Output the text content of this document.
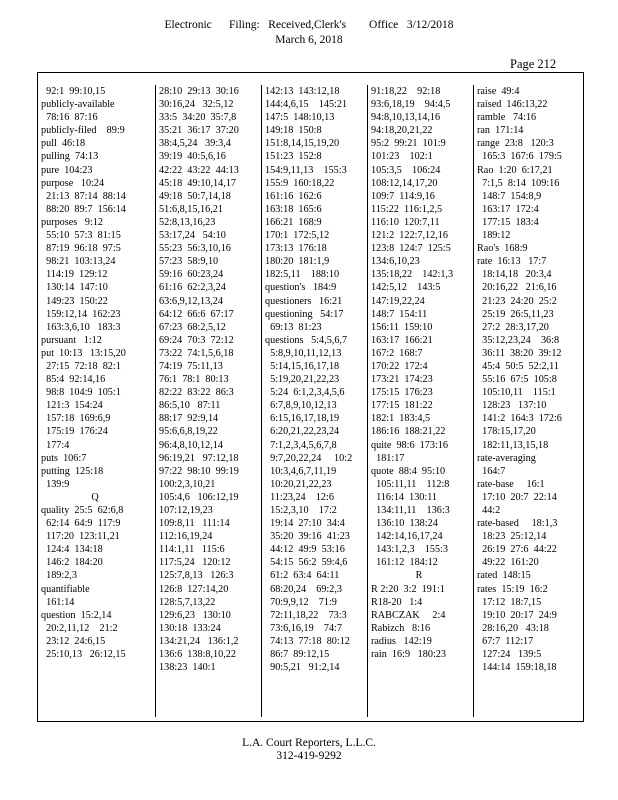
Electronic      Filing:   Received,Clerk's        Office   3/12/2018
March 6, 2018
Page 212
92:1  99:10,15
publicly-available
78:16  87:16
publicly-filed    89:9
pull  46:18
pulling  74:13
pure  104:23
purpose   10:24
21:13  87:14  88:14
88:20  89:7  156:14
purposes   9:12
55:10  57:3  81:15
87:19  96:18  97:5
98:21  103:13,24
114:19  129:12
130:14  147:10
149:23  150:22
159:12,14  162:23
163:3,6,10   183:3
pursuant   1:12
put  10:13   13:15,20
27:15  72:18  82:1
85:4  92:14,16
98:8  104:9  105:1
121:3  154:24
157:18  169:6,9
175:19  176:24
177:4
puts  106:7
putting  125:18
139:9
Q
quality  25:5  62:6,8
62:14  64:9  117:9
117:20  123:11,21
124:4  134:18
146:2  184:20
189:2,3
quantifiable
161:14
question  15:2,14
20:2,11,12    21:2
23:12  24:6,15
25:10,13   26:12,15
28:10  29:13  30:16
30:16,24   32:5,12
33:5  34:20  35:7,8
35:21  36:17  37:20
38:4,5,24   39:3,4
39:19  40:5,6,16
42:22  43:22  44:13
45:18  49:10,14,17
49:18  50:7,14,18
51:6,8,15,16,21
52:8,13,16,23
53:17,24   54:10
55:23  56:3,10,16
57:23  58:9,10
59:16  60:23,24
61:16  62:2,3,24
63:6,9,12,13,24
64:12  66:6  67:17
67:23  68:2,5,12
69:24  70:3  72:12
73:22  74:1,5,6,18
74:19  75:11,13
76:1  78:1  80:13
82:22  83:22  86:3
86:5,10   87:11
88:17  92:9,14
95:6,6,8,19,22
96:4,8,10,12,14
96:19,21   97:12,18
97:22  98:10  99:19
100:2,3,10,21
105:4,6   106:12,19
107:12,19,23
109:8,11   111:14
112:16,19,24
114:1,11   115:6
117:5,24   120:12
125:7,8,13   126:3
126:8  127:14,20
128:5,7,13,22
129:6,23   130:10
130:18  133:24
134:21,24   136:1,2
136:6  138:8,10,22
138:23  140:1
142:13  143:12,18
144:4,6,15    145:21
147:5  148:10,13
149:18  150:8
151:8,14,15,19,20
151:23  152:8
154:9,11,13    155:3
155:9  160:18,22
161:16  162:6
163:18  165:6
166:21  168:9
170:1  172:5,12
173:13  176:18
180:20  181:1,9
182:5,11    188:10
question's   184:9
questioners   16:21
questioning   54:17
69:13  81:23
questions   5:4,5,6,7
5:8,9,10,11,12,13
5:14,15,16,17,18
5:19,20,21,22,23
5:24  6:1,2,3,4,5,6
6:7,8,9,10,12,13
6:15,16,17,18,19
6:20,21,22,23,24
7:1,2,3,4,5,6,7,8
9:7,20,22,24     10:2
10:3,4,6,7,11,19
10:20,21,22,23
11:23,24    12:6
15:2,3,10    17:2
19:14  27:10  34:4
35:20  39:16  41:23
44:12  49:9  53:16
54:15  56:2  59:4,6
61:2  63:4  64:11
68:20,24    69:2,3
70:9,9,12    71:9
72:11,18,22    73:3
73:6,16,19    74:7
74:13  77:18  80:12
86:7  89:12,15
90:5,21   91:2,14
91:18,22    92:18
93:6,18,19    94:4,5
94:8,10,13,14,16
94:18,20,21,22
95:2  99:21  101:9
101:23    102:1
105:3,5    106:24
108:12,14,17,20
109:7  114:9,16
115:22  116:1,2,5
116:10  120:7,11
121:2  122:7,12,16
123:8  124:7  125:5
134:6,10,23
135:18,22    142:1,3
142:5,12    143:5
147:19,22,24
148:7  154:11
156:11  159:10
163:17  166:21
167:2  168:7
170:22  172:4
173:21  174:23
175:15  176:23
177:15  181:22
182:1  183:4,5
186:16  188:21,22
quite  98:6  173:16
181:17
quote  88:4  95:10
105:11,11    112:8
116:14  130:11
134:11,11    136:3
136:10  138:24
142:14,16,17,24
143:1,2,3    155:3
161:12  184:12
R
R 2:20  3:2  191:1
R18-20   1:4
RABCZAK     2:4
Rabizch   8:16
radius   142:19
rain  16:9   180:23
raise  49:4
raised  146:13,22
ramble   74:16
ran  171:14
range  23:8   120:3
165:3  167:6  179:5
Rao  1:20  6:17,21
7:1,5  8:14  109:16
148:7  154:8,9
163:17  172:4
177:15  183:4
189:12
Rao's  168:9
rate  16:13   17:7
18:14,18   20:3,4
20:16,22   21:6,16
21:23  24:20  25:2
25:19  26:5,11,23
27:2  28:3,17,20
35:12,23,24    36:8
36:11  38:20  39:12
45:4  50:5  52:2,11
55:16  67:5  105:8
105:10,11    115:1
128:23   137:10
141:2  164:3  172:6
178:15,17,20
182:11,13,15,18
rate-averaging
164:7
rate-base     16:1
17:10  20:7  22:14
44:2
rate-based     18:1,3
18:23  25:12,14
26:19  27:6  44:22
49:22  161:20
rated  148:15
rates  15:19  16:2
17:12  18:7,15
19:10  20:17  24:9
28:16,20   43:18
67:7  112:17
127:24   139:5
144:14  159:18,18
L.A. Court Reporters, L.L.C.
312-419-9292
